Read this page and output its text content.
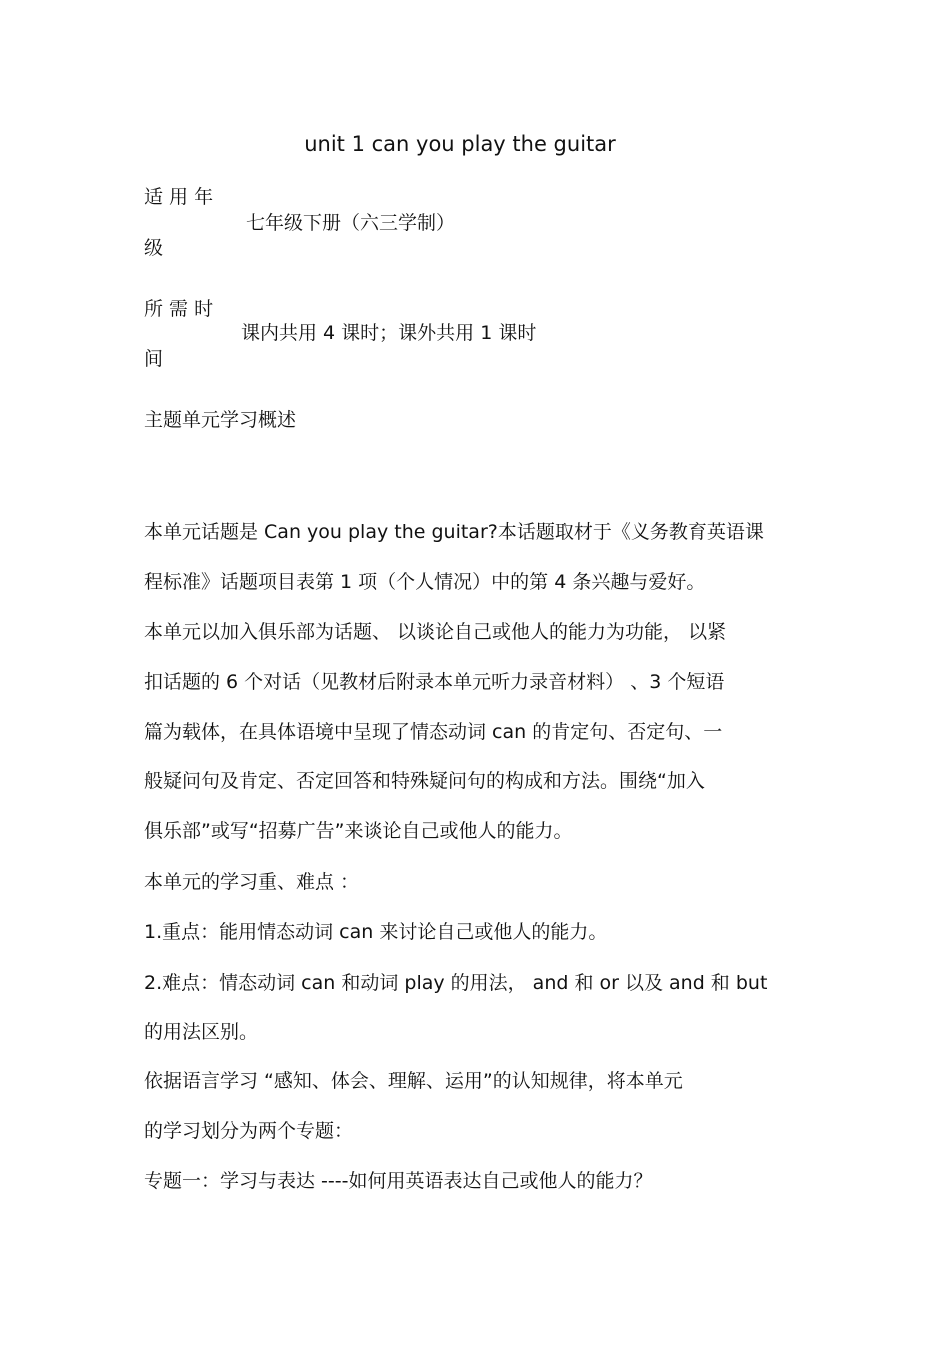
unit 1 can you play the guitar
适 用 年
级
七年级下册（六三学制）
所 需 时
间
课内共用 4 课时；课外共用 1 课时
主题单元学习概述
本单元话题是 Can you play the guitar?本话题取材于《义务教育英语课
程标准》话题项目表第 1 项（个人情况）中的第 4 条兴趣与爱好。
本单元以加入俱乐部为话题、 以谈论自己或他人的能力为功能， 以紧
扣话题的 6 个对话（见教材后附录本单元听力录音材料） 、3 个短语
篇为载体，在具体语境中呈现了情态动词 can 的肯定句、否定句、一
般疑问句及肯定、否定回答和特殊疑问句的构成和方法。围绕“加入
俱乐部”或写“招募广告”来谈论自己或他人的能力。
本单元的学习重、难点 ：
1.重点：能用情态动词 can 来讨论自己或他人的能力。
2.难点：情态动词 can 和动词 play 的用法， and 和 or 以及 and 和 but
的用法区别。
依据语言学习 “感知、体会、理解、运用”的认知规律，将本单元
的学习划分为两个专题：
专题一：学习与表达 ----如何用英语表达自己或他人的能力？
